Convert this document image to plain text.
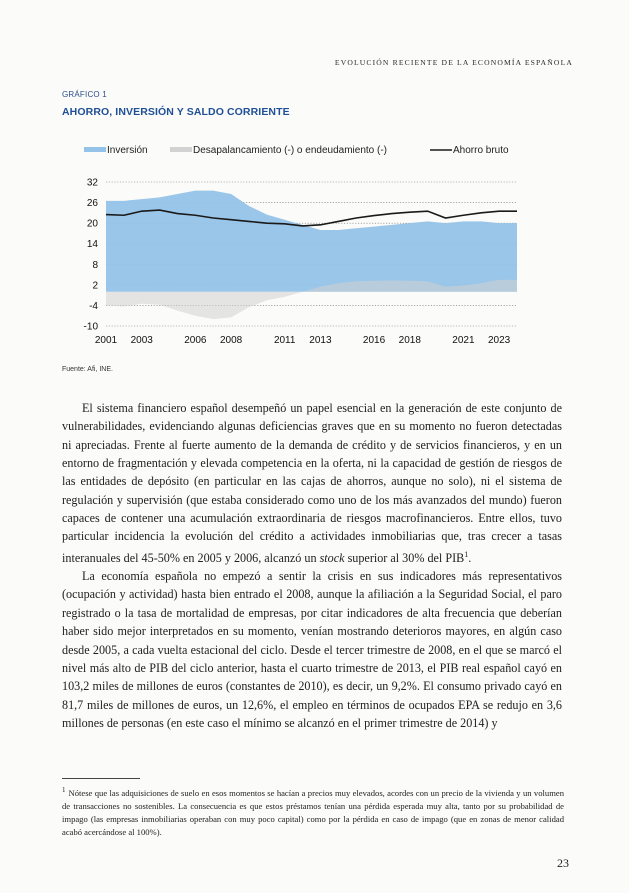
EVOLUCIÓN RECIENTE DE LA ECONOMÍA ESPAÑOLA
GRÁFICO 1
AHORRO, INVERSIÓN Y SALDO CORRIENTE
Inversión	Desapalancamiento (-) o endeudamiento (-)	Ahorro bruto
32
26
20
14
8
2
-4
-10
2001 2003	2006 2008	2011 2013	2016 2018	2021 2023
Fuente: Afi, INE.

El sistema financiero español desempeñó un papel esencial en la generación de este conjunto de vulnerabilidades, evidenciando algunas deficiencias graves que en su momento no fueron detectadas ni apreciadas. Frente al fuerte aumento de la demanda de crédito y de servicios financieros, y en un entorno de fragmentación y elevada competencia en la oferta, ni la capacidad de gestión de riesgos de las entidades de depósito (en particular en las cajas de ahorros, aunque no solo), ni el sistema de regulación y supervisión (que estaba considerado como uno de los más avanzados del mundo) fueron capaces de contener una acumulación extraordinaria de riesgos macrofinancieros. Entre ellos, tuvo particular incidencia la evolución del crédito a actividades inmobiliarias que, tras crecer a tasas interanuales del 45-50% en 2005 y 2006, alcanzó un stock superior al 30% del PIB$^1$.

La economía española no empezó a sentir la crisis en sus indicadores más representativos (ocupación y actividad) hasta bien entrado el 2008, aunque la afiliación a la Seguridad Social, el paro registrado o la tasa de mortalidad de empresas, por citar indicadores de alta frecuencia que deberían haber sido mejor interpretados en su momento, venían mostrando deterioros mayores, en algún caso desde 2005, a cada vuelta estacional del ciclo. Desde el tercer trimestre de 2008, en el que se marcó el nivel más alto de PIB del ciclo anterior, hasta el cuarto trimestre de 2013, el PIB real español cayó en 103,2 miles de millones de euros (constantes de 2010), es decir, un 9,2%. El consumo privado cayó en 81,7 miles de millones de euros, un 12,6%, el empleo en términos de ocupados EPA se redujo en 3,6 millones de personas (en este caso el mínimo se alcanzó en el primer trimestre de 2014) y

$^1$ Nótese que las adquisiciones de suelo en esos momentos se hacían a precios muy elevados, acordes con un precio de la vivienda y un volumen de transacciones no sostenibles. La consecuencia es que estos préstamos tenían una pérdida esperada muy alta, tanto por su probabilidad de impago (las empresas inmobiliarias operaban con muy poco capital) como por la pérdida en caso de impago (que en zonas de menor calidad acabó acercándose al 100%).
23
